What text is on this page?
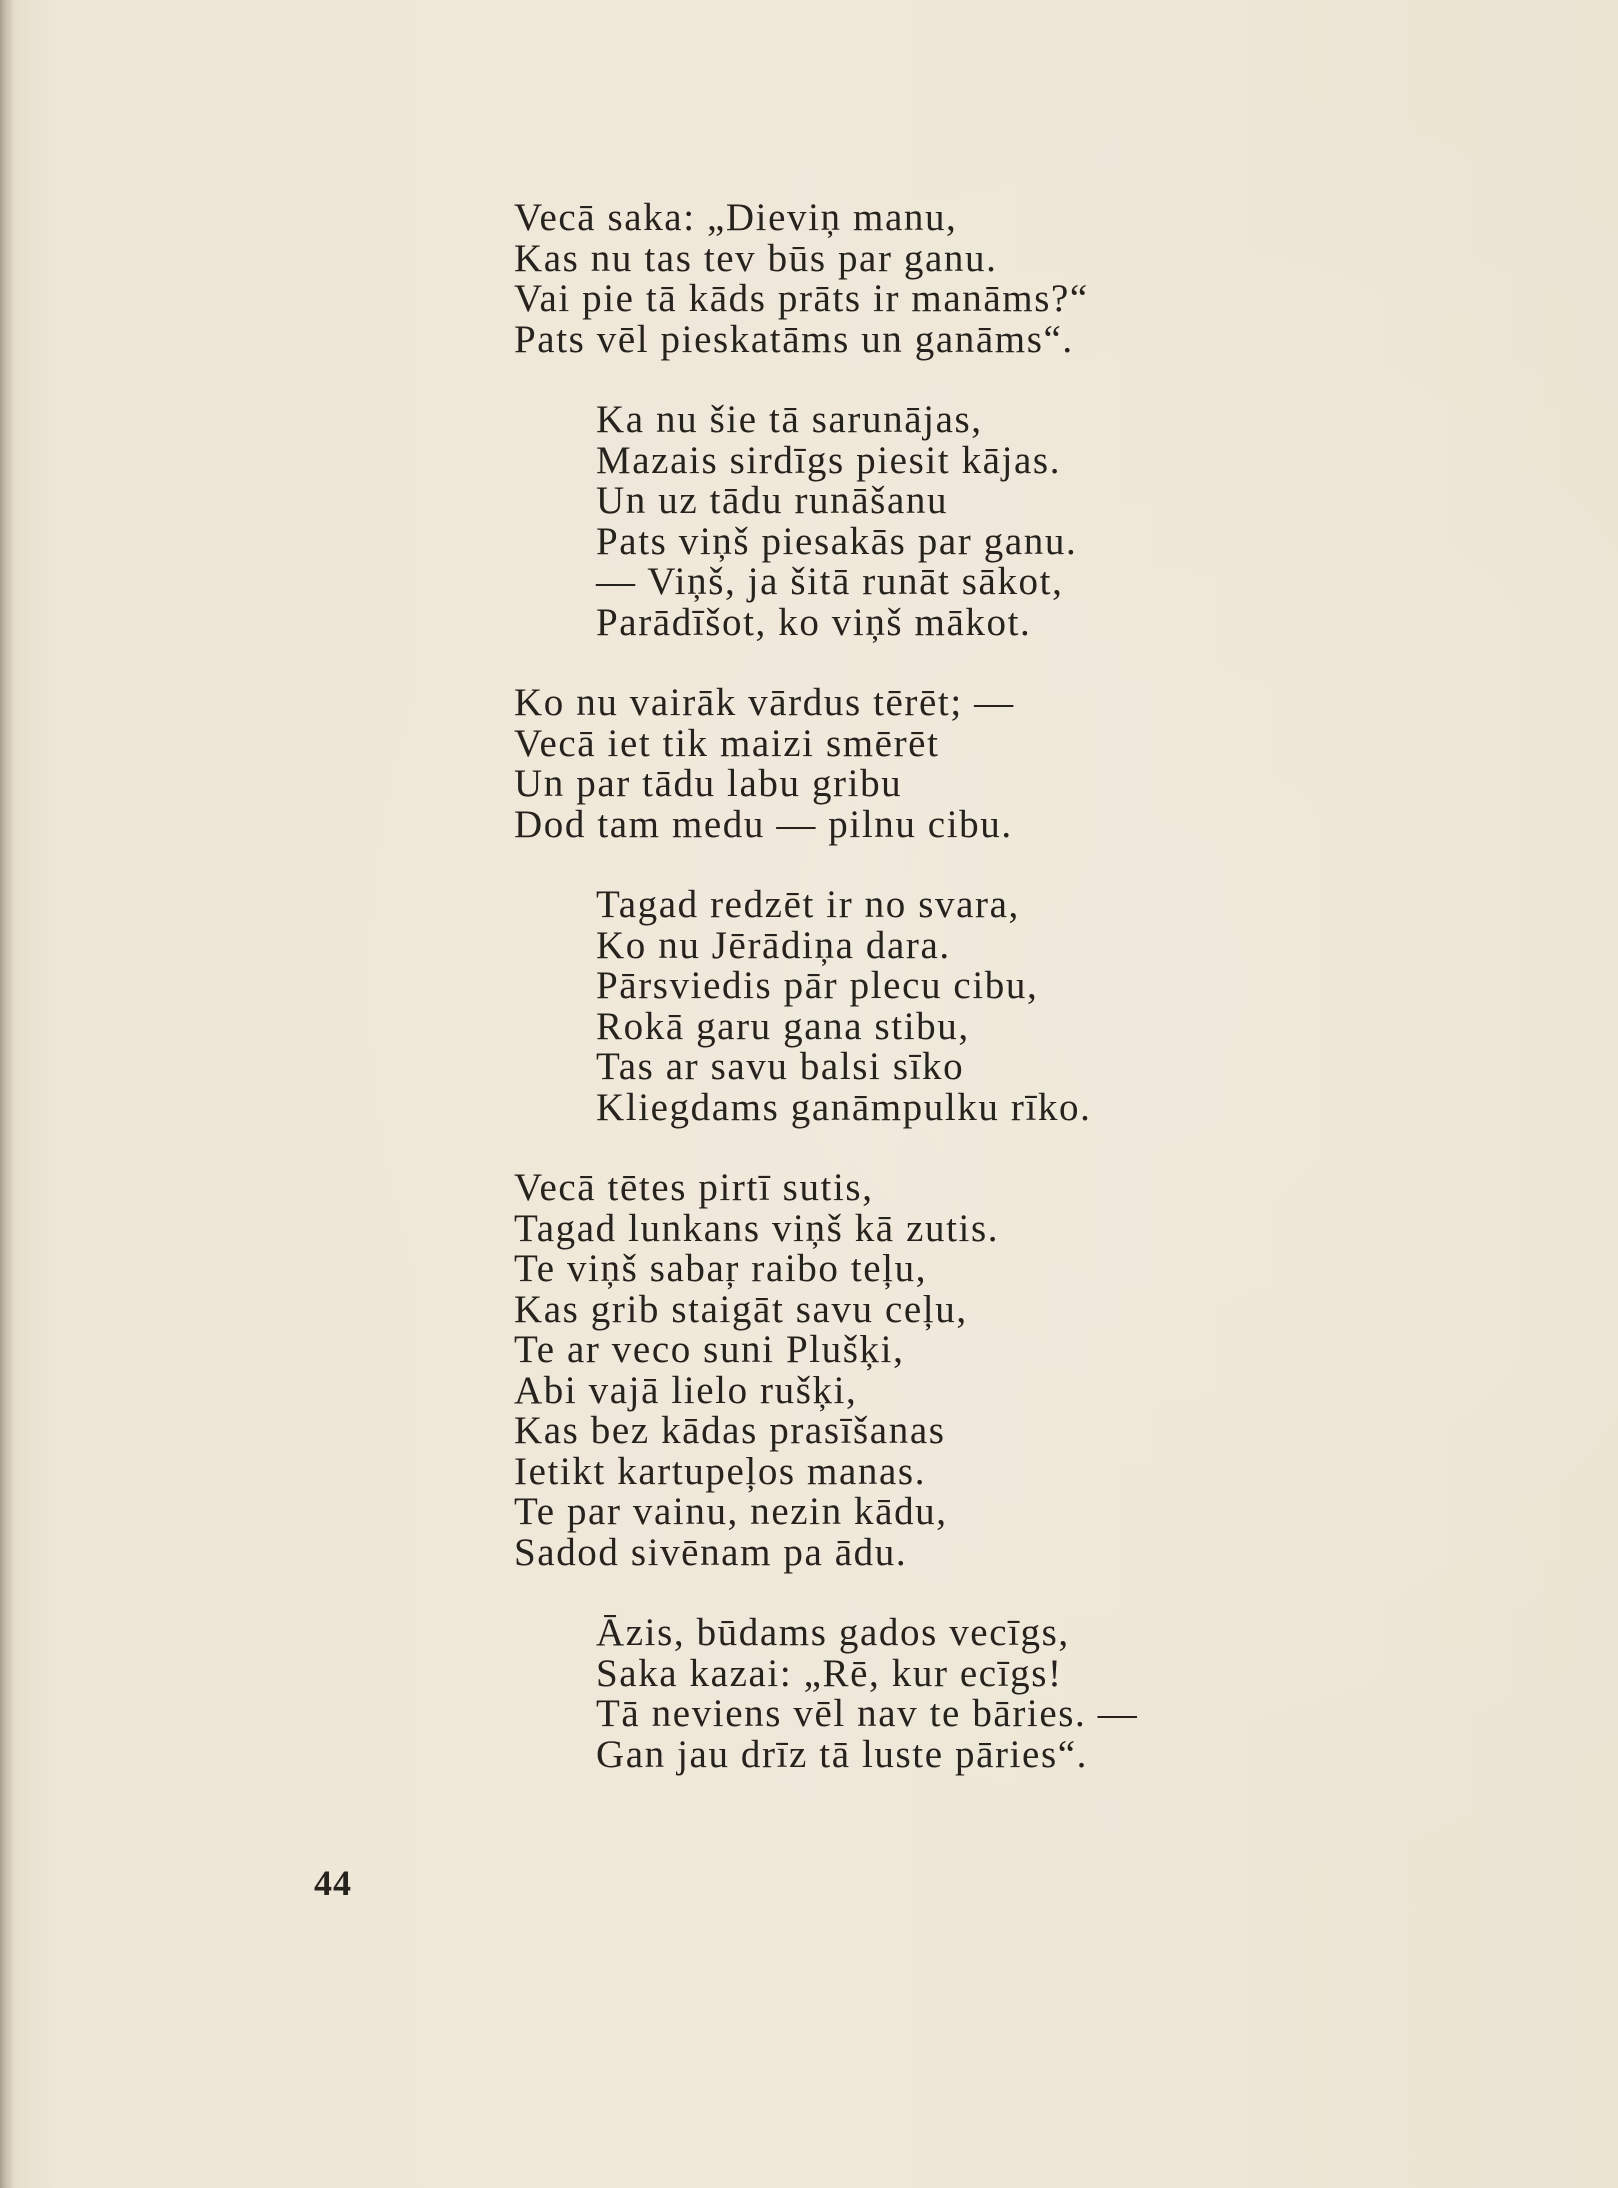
Vecā saka: „Dieviņ manu,
Kas nu tas tev būs par ganu.
Vai pie tā kāds prāts ir manāms?“
Pats vēl pieskatāms un ganāms“.
Ka nu šie tā sarunājas,
Mazais sirdīgs piesit kājas.
Un uz tādu runāšanu
Pats viņš piesakās par ganu.
— Viņš, ja šitā runāt sākot,
Parādīšot, ko viņš mākot.
Ko nu vairāk vārdus tērēt; —
Vecā iet tik maizi smērēt
Un par tādu labu gribu
Dod tam medu — pilnu cibu.
Tagad redzēt ir no svara,
Ko nu Jērādiņa dara.
Pārsviedis pār plecu cibu,
Rokā garu gana stibu,
Tas ar savu balsi sīko
Kliegdams ganāmpulku rīko.
Vecā tētes pirtī sutis,
Tagad lunkans viņš kā zutis.
Te viņš sabaŗ raibo teļu,
Kas grib staigāt savu ceļu,
Te ar veco suni Plušķi,
Abi vajā lielo rušķi,
Kas bez kādas prasīšanas
Ietikt kartupeļos manas.
Te par vainu, nezin kādu,
Sadod sivēnam pa ādu.
Āzis, būdams gados vecīgs,
Saka kazai: „Rē, kur ecīgs!
Tā neviens vēl nav te bāries. —
Gan jau drīz tā luste pāries“.
44
